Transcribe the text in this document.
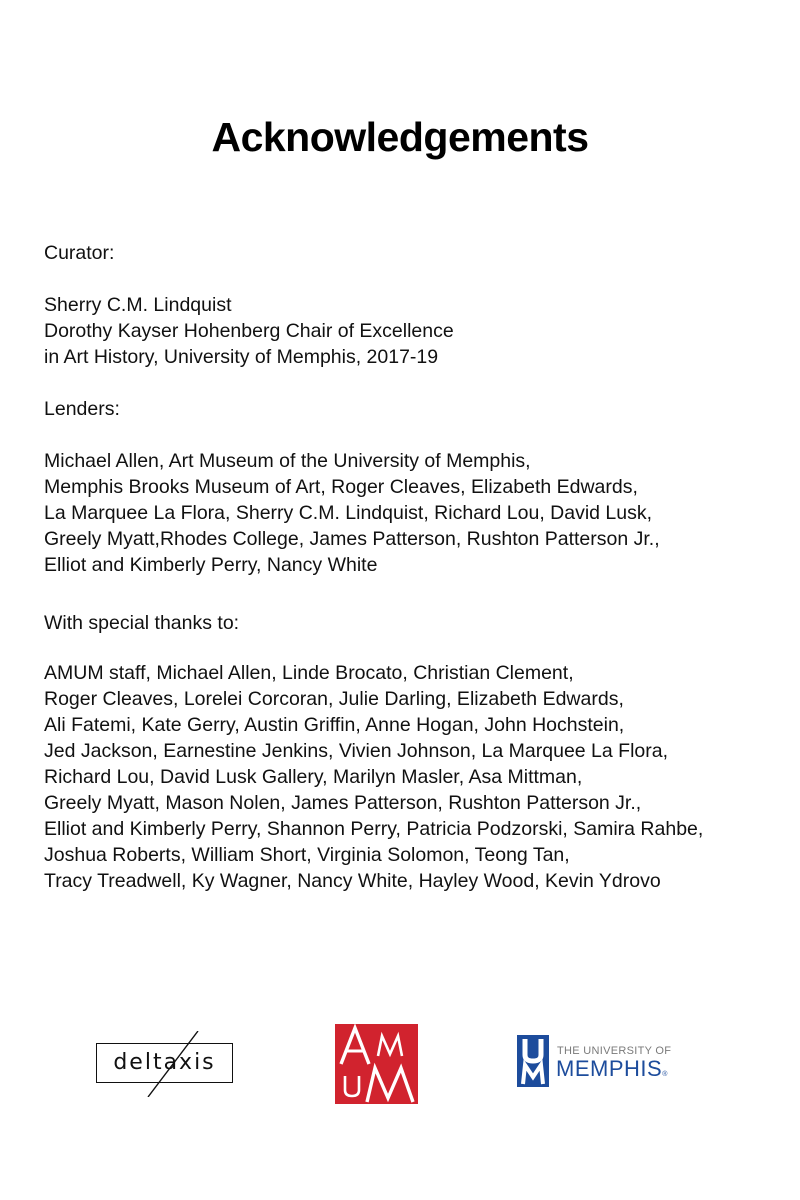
Acknowledgements
Curator:
Sherry C.M. Lindquist
Dorothy Kayser Hohenberg Chair of Excellence
in Art History, University of Memphis, 2017-19
Lenders:
Michael Allen, Art Museum of the University of Memphis,
Memphis Brooks Museum of Art, Roger Cleaves, Elizabeth Edwards,
La Marquee La Flora, Sherry C.M. Lindquist, Richard Lou, David Lusk,
Greely Myatt,Rhodes College, James Patterson, Rushton Patterson Jr.,
Elliot and Kimberly Perry, Nancy White
With special thanks to:
AMUM staff, Michael Allen, Linde Brocato, Christian Clement,
Roger Cleaves, Lorelei Corcoran, Julie Darling, Elizabeth Edwards,
Ali Fatemi, Kate Gerry, Austin Griffin, Anne Hogan, John Hochstein,
Jed Jackson, Earnestine Jenkins, Vivien Johnson, La Marquee La Flora,
Richard Lou, David Lusk Gallery, Marilyn Masler, Asa Mittman,
Greely Myatt, Mason Nolen, James Patterson, Rushton Patterson Jr.,
Elliot and Kimberly Perry, Shannon Perry, Patricia Podzorski, Samira Rahbe,
Joshua Roberts, William Short, Virginia Solomon, Teong Tan,
Tracy Treadwell, Ky Wagner, Nancy White, Hayley Wood, Kevin Ydrovo
deltaxis	THE UNIVERSITY OF
MEMPHIS®
